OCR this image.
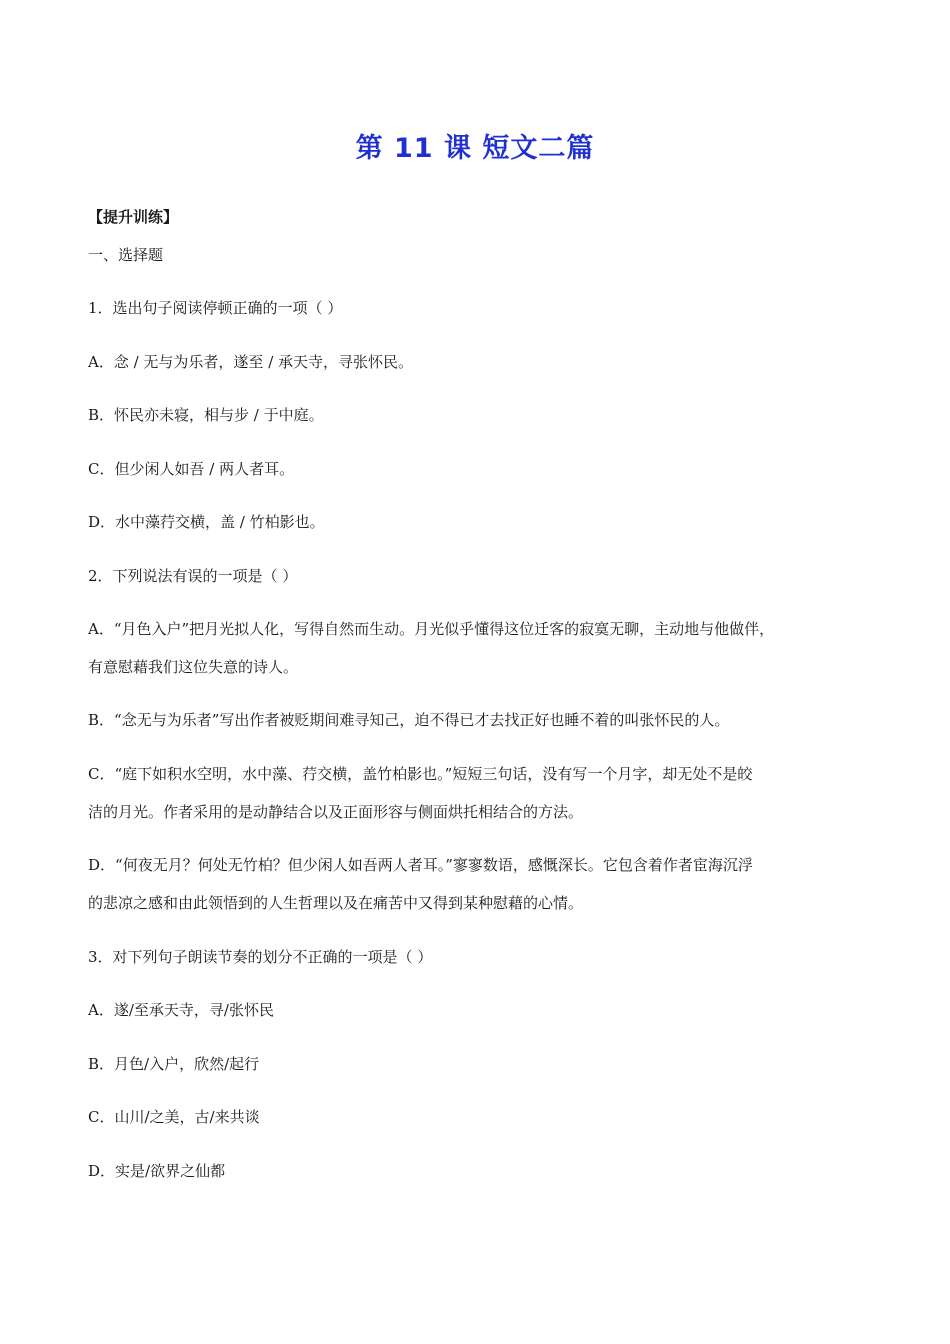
第 11 课 短文二篇

【提升训练】

一、选择题

1．选出句子阅读停顿正确的一项（ ）

A．念 / 无与为乐者，遂至 / 承天寺，寻张怀民。

B．怀民亦未寝，相与步 / 于中庭。

C．但少闲人如吾 / 两人者耳。

D．水中藻荇交横，盖 / 竹柏影也。

2．下列说法有误的一项是（ ）

A．“月色入户”把月光拟人化，写得自然而生动。月光似乎懂得这位迁客的寂寞无聊，主动地与他做伴，

有意慰藉我们这位失意的诗人。

B．“念无与为乐者”写出作者被贬期间难寻知己，迫不得已才去找正好也睡不着的叫张怀民的人。

C．“庭下如积水空明，水中藻、荇交横，盖竹柏影也。”短短三句话，没有写一个月字，却无处不是皎

洁的月光。作者采用的是动静结合以及正面形容与侧面烘托相结合的方法。

D．“何夜无月？何处无竹柏？但少闲人如吾两人者耳。”寥寥数语，感慨深长。它包含着作者宦海沉浮

的悲凉之感和由此领悟到的人生哲理以及在痛苦中又得到某种慰藉的心情。

3．对下列句子朗读节奏的划分不正确的一项是（ ）

A．遂/至承天寺，寻/张怀民

B．月色/入户，欣然/起行

C．山川/之美，古/来共谈

D．实是/欲界之仙都
